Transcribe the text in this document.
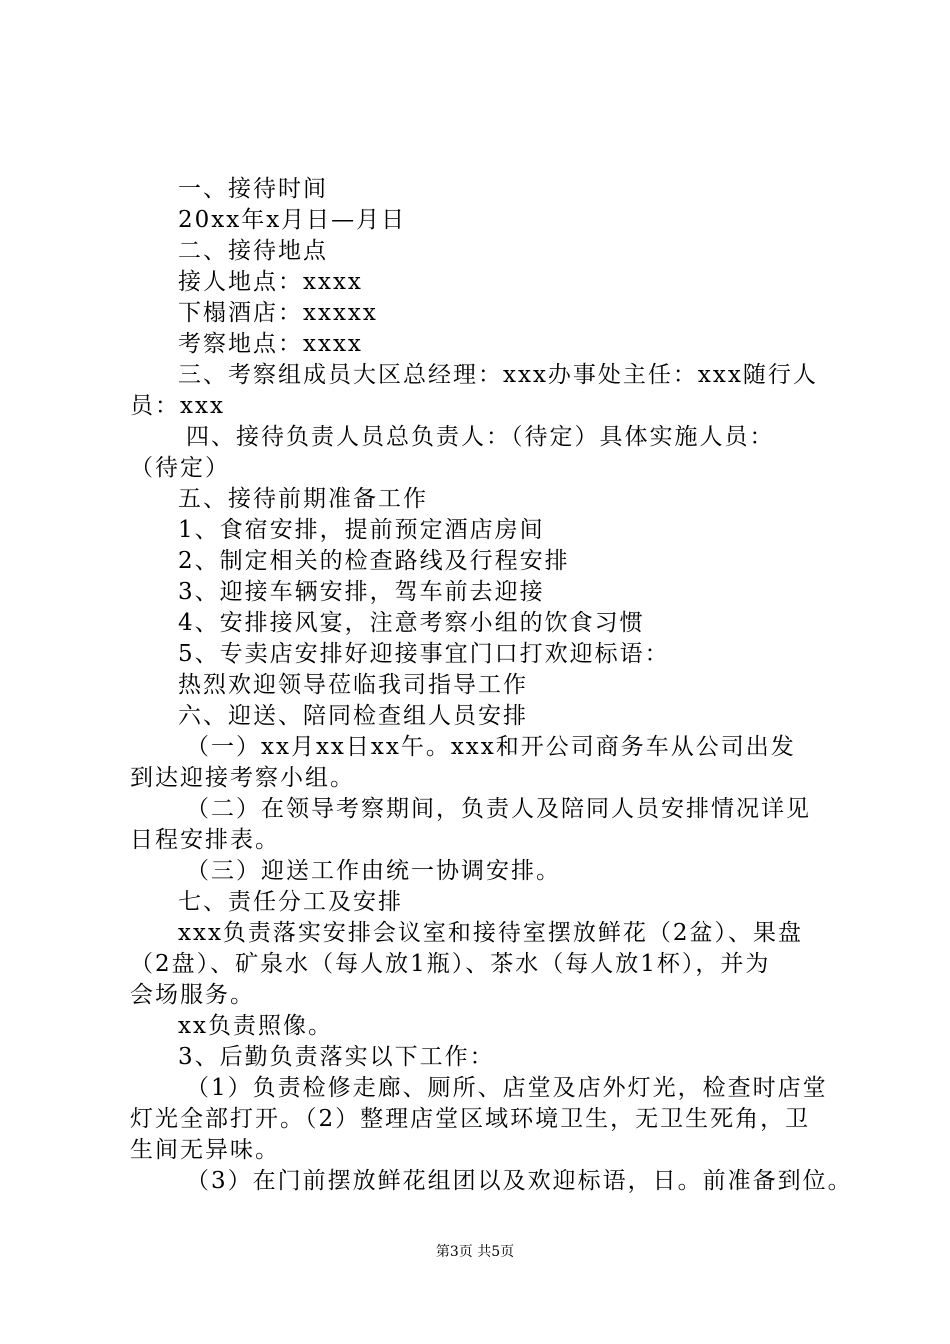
一、接待时间
20xx年x月日—月日
二、接待地点
接人地点：xxxx
下榻酒店：xxxxx
考察地点：xxxx
三、考察组成员大区总经理：xxx办事处主任：xxx随行人
员：xxx
四、接待负责人员总负责人：（待定）具体实施人员：
（待定）
五、接待前期准备工作
1、食宿安排，提前预定酒店房间
2、制定相关的检查路线及行程安排
3、迎接车辆安排，驾车前去迎接
4、安排接风宴，注意考察小组的饮食习惯
5、专卖店安排好迎接事宜门口打欢迎标语：
热烈欢迎领导莅临我司指导工作
六、迎送、陪同检查组人员安排
（一）xx月xx日xx午。xxx和开公司商务车从公司出发
到达迎接考察小组。
（二）在领导考察期间，负责人及陪同人员安排情况详见
日程安排表。
（三）迎送工作由统一协调安排。
七、责任分工及安排
xxx负责落实安排会议室和接待室摆放鲜花（2盆）、果盘
（2盘）、矿泉水（每人放1瓶）、茶水（每人放1杯），并为
会场服务。
xx负责照像。
3、后勤负责落实以下工作：
（1）负责检修走廊、厕所、店堂及店外灯光，检查时店堂
灯光全部打开。（2）整理店堂区域环境卫生，无卫生死角，卫
生间无异味。
（3）在门前摆放鲜花组团以及欢迎标语，日。前准备到位。
第3页 共5页
